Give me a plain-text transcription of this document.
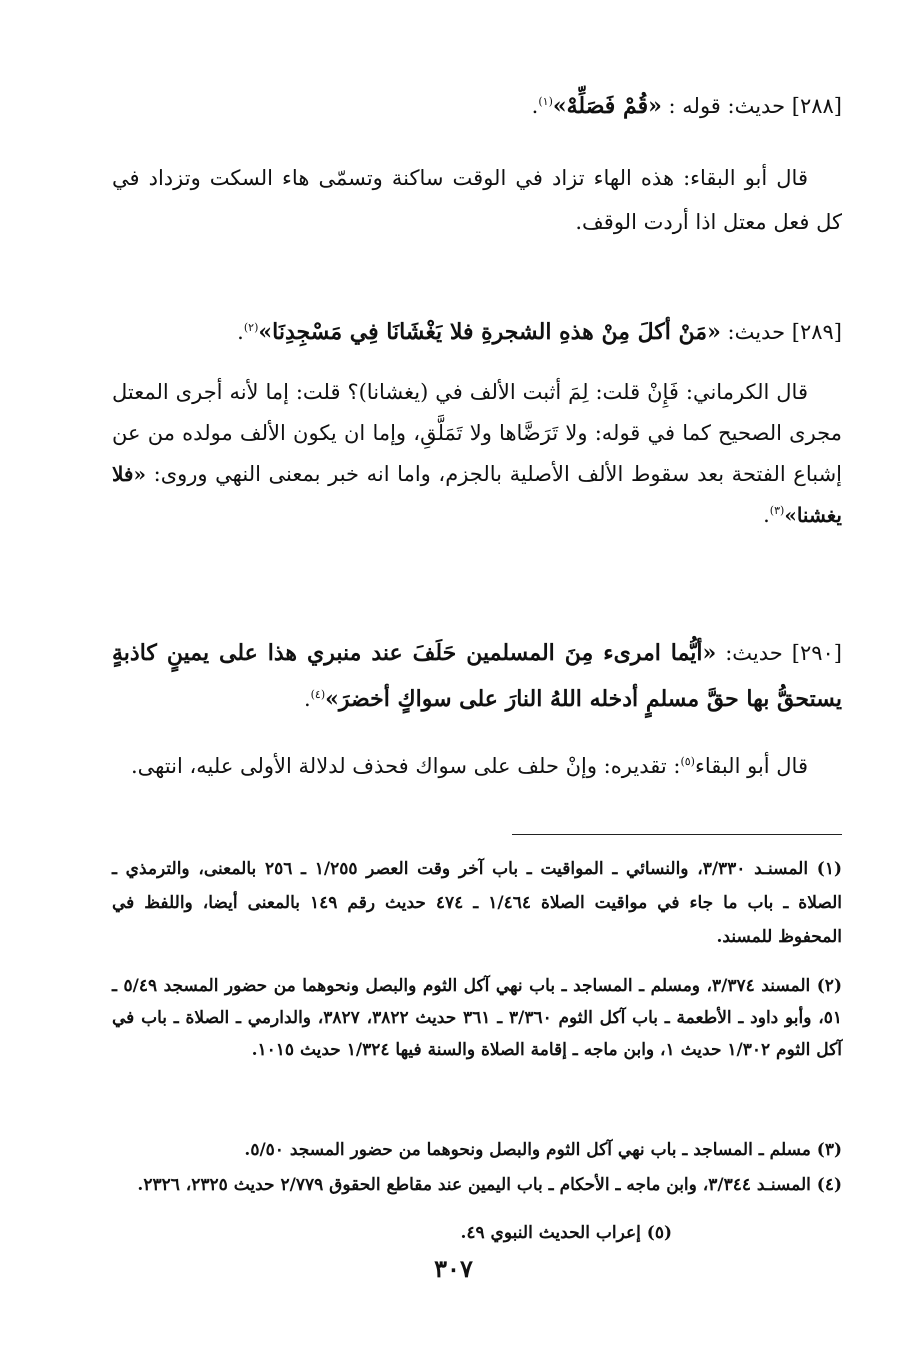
[٢٨٨] حديث: قوله : «قُمْ فَصَلِّهْ»$^{(١)}$.

قال أبو البقاء: هذه الهاء تزاد في الوقت ساكنة وتسمّى هاء السكت وتزداد في كل فعل معتل اذا أردت الوقف.

[٢٨٩] حديث: «مَنْ أكلَ مِنْ هذهِ الشجرةِ فلا يَغْشَانَا فِي مَسْجِدِنَا»$^{(٢)}$.

قال الكرماني: فَإِنْ قلت: لِمَ أثبت الألف في (يغشانا)؟ قلت: إما لأنه أجرى المعتل مجرى الصحيح كما في قوله: ولا تَرَضَّاها ولا تَمَلَّقِ، وإما ان يكون الألف مولده من عن إشباع الفتحة بعد سقوط الألف الأصلية بالجزم، واما انه خبر بمعنى النهي وروى: «فلا يغشنا»$^{(٣)}$.

[٢٩٠] حديث: «أيُّما امرىء مِنَ المسلمين حَلَفَ عند منبري هذا على يمينٍ كاذبةٍ يستحقُّ بها حقَّ مسلمٍ أدخله اللهُ النارَ على سواكٍ أخضرَ»$^{(٤)}$.

قال أبو البقاء$^{(٥)}$: تقديره: وإنْ حلف على سواك فحذف لدلالة الأولى عليه، انتهى.

(١) المسنـد ٣/٣٣٠، والنسائي ـ المواقيت ـ باب آخر وقت العصر ١/٢٥٥ ـ ٢٥٦ بالمعنى، والترمذي ـ الصلاة ـ باب ما جاء في مواقيت الصلاة ١/٤٦٤ ـ ٤٧٤ حديث رقم ١٤٩ بالمعنى أيضا، واللفظ في المحفوظ للمسند.

(٢) المسند ٣/٣٧٤، ومسلم ـ المساجد ـ باب نهي آكل الثوم والبصل ونحوهما من حضور المسجد ٥/٤٩ ـ ٥١، وأبو داود ـ الأطعمة ـ باب آكل الثوم ٣/٣٦٠ ـ ٣٦١ حديث ٣٨٢٢، ٣٨٢٧، والدارمي ـ الصلاة ـ باب في آكل الثوم ١/٣٠٢ حديث ١، وابن ماجه ـ إقامة الصلاة والسنة فيها ١/٣٢٤ حديث ١٠١٥.

(٣) مسلم ـ المساجد ـ باب نهي آكل الثوم والبصل ونحوهما من حضور المسجد ٥/٥٠.

(٤) المسنـد ٣/٣٤٤، وابن ماجه ـ الأحكام ـ باب اليمين عند مقاطع الحقوق ٢/٧٧٩ حديث ٢٣٢٥، ٢٣٢٦.

(٥) إعراب الحديث النبوي ٤٩.

٣٠٧
